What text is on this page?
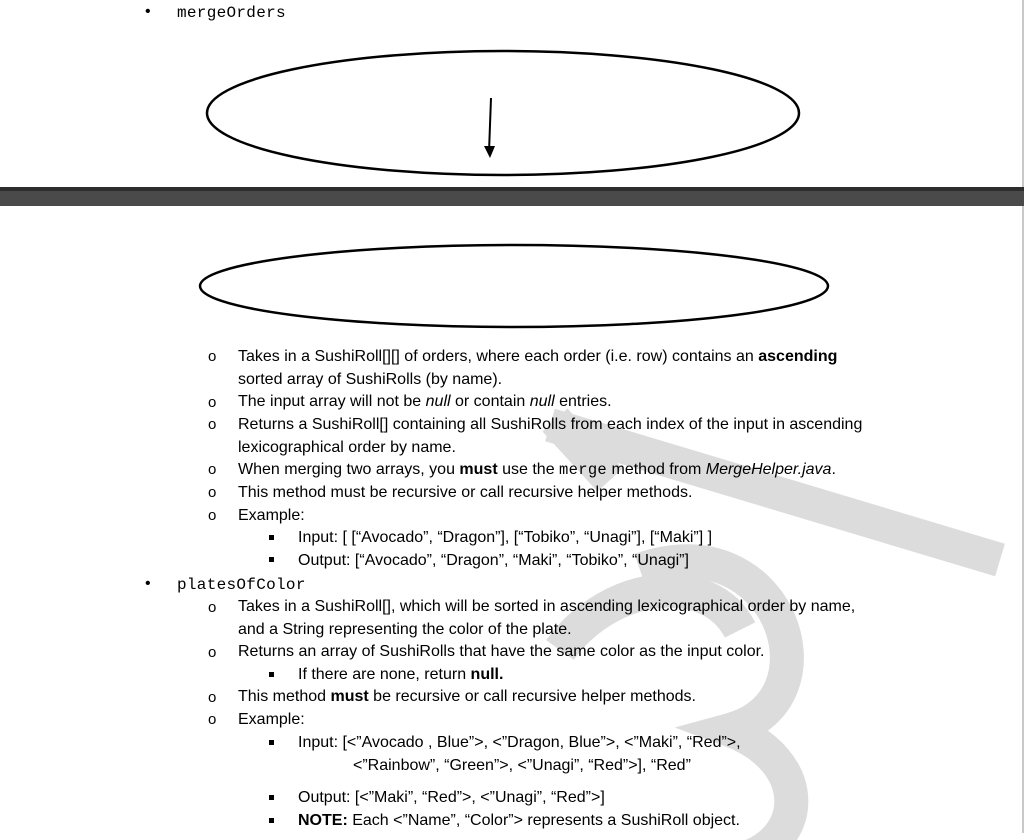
• mergeOrders
o Takes in a SushiRoll[][] of orders, where each order (i.e. row) contains an ascending
sorted array of SushiRolls (by name).
o The input array will not be null or contain null entries.
o Returns a SushiRoll[] containing all SushiRolls from each index of the input in ascending
lexicographical order by name.
o When merging two arrays, you must use the merge method from MergeHelper.java.
o This method must be recursive or call recursive helper methods.
o Example:
Input: [ [“Avocado”, “Dragon”], [“Tobiko”, “Unagi”], [“Maki”] ]
Output: [“Avocado”, “Dragon”, “Maki”, “Tobiko”, “Unagi”]
• platesOfColor
o Takes in a SushiRoll[], which will be sorted in ascending lexicographical order by name,
and a String representing the color of the plate.
o Returns an array of SushiRolls that have the same color as the input color.
If there are none, return null.
o This method must be recursive or call recursive helper methods.
o Example:
Input: [<”Avocado , Blue”>, <”Dragon, Blue”>, <”Maki”, “Red”>,
<”Rainbow”, “Green”>, <”Unagi”, “Red”>], “Red”
Output: [<”Maki”, “Red”>, <”Unagi”, “Red”>]
NOTE: Each <”Name”, “Color”> represents a SushiRoll object.
